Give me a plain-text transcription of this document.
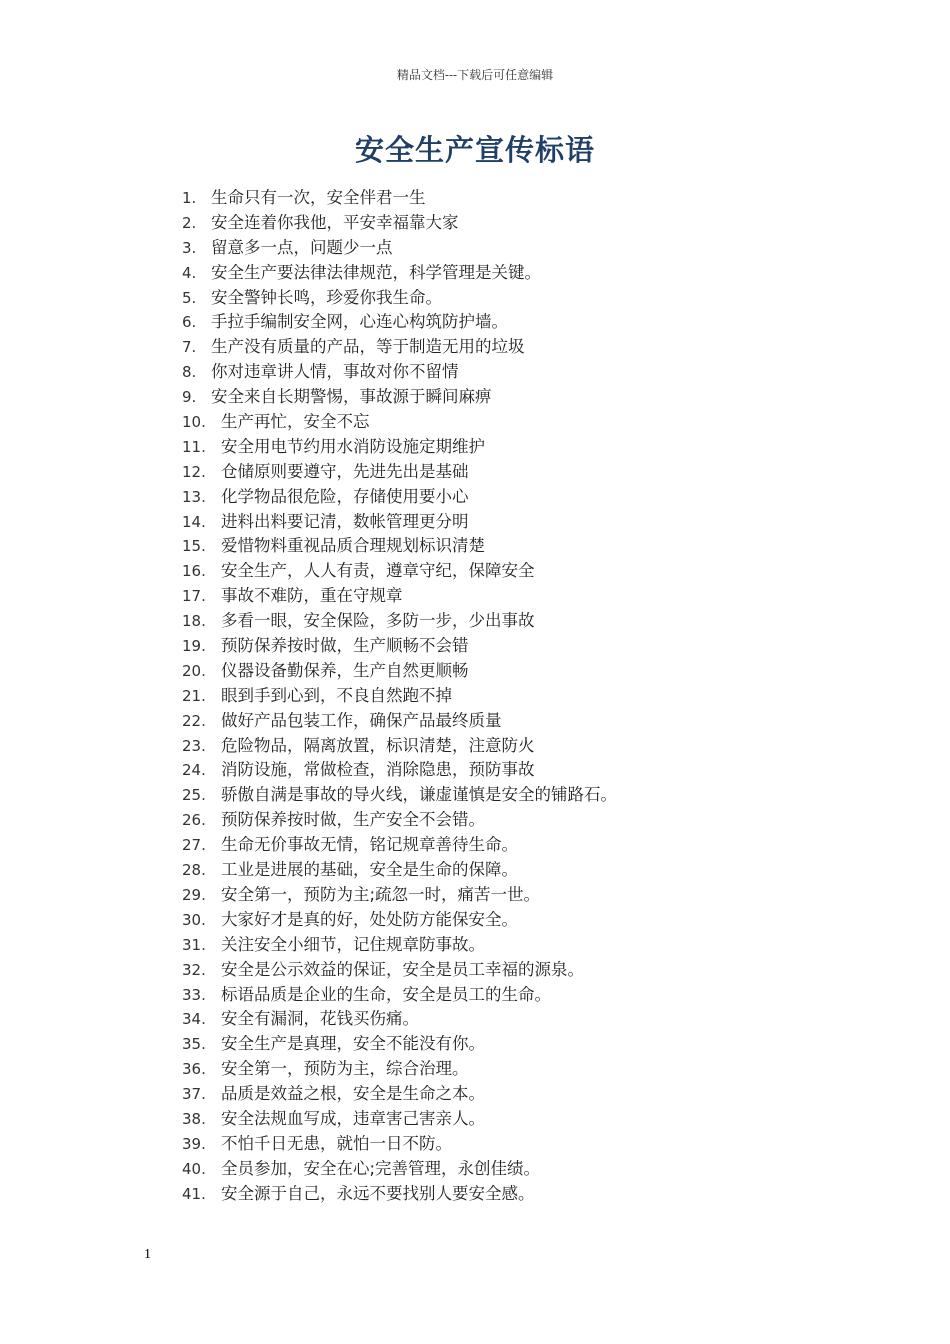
精品文档---下载后可任意编辑
安全生产宣传标语
1. 生命只有一次，安全伴君一生
2. 安全连着你我他，平安幸福靠大家
3. 留意多一点，问题少一点
4. 安全生产要法律法律规范，科学管理是关键。
5. 安全警钟长鸣，珍爱你我生命。
6. 手拉手编制安全网，心连心构筑防护墙。
7. 生产没有质量的产品，等于制造无用的垃圾
8. 你对违章讲人情，事故对你不留情
9. 安全来自长期警惕，事故源于瞬间麻痹
10. 生产再忙，安全不忘
11. 安全用电节约用水消防设施定期维护
12. 仓储原则要遵守，先进先出是基础
13. 化学物品很危险，存储使用要小心
14. 进料出料要记清，数帐管理更分明
15. 爱惜物料重视品质合理规划标识清楚
16. 安全生产，人人有责，遵章守纪，保障安全
17. 事故不难防，重在守规章
18. 多看一眼，安全保险，多防一步，少出事故
19. 预防保养按时做，生产顺畅不会错
20. 仪器设备勤保养，生产自然更顺畅
21. 眼到手到心到，不良自然跑不掉
22. 做好产品包装工作，确保产品最终质量
23. 危险物品，隔离放置，标识清楚，注意防火
24. 消防设施，常做检查，消除隐患，预防事故
25. 骄傲自满是事故的导火线，谦虚谨慎是安全的铺路石。
26. 预防保养按时做，生产安全不会错。
27. 生命无价事故无情，铭记规章善待生命。
28. 工业是进展的基础，安全是生命的保障。
29. 安全第一，预防为主;疏忽一时，痛苦一世。
30. 大家好才是真的好，处处防方能保安全。
31. 关注安全小细节，记住规章防事故。
32. 安全是公示效益的保证，安全是员工幸福的源泉。
33. 标语品质是企业的生命，安全是员工的生命。
34. 安全有漏洞，花钱买伤痛。
35. 安全生产是真理，安全不能没有你。
36. 安全第一，预防为主，综合治理。
37. 品质是效益之根，安全是生命之本。
38. 安全法规血写成，违章害己害亲人。
39. 不怕千日无患，就怕一日不防。
40. 全员参加，安全在心;完善管理，永创佳绩。
41. 安全源于自己，永远不要找别人要安全感。
1
